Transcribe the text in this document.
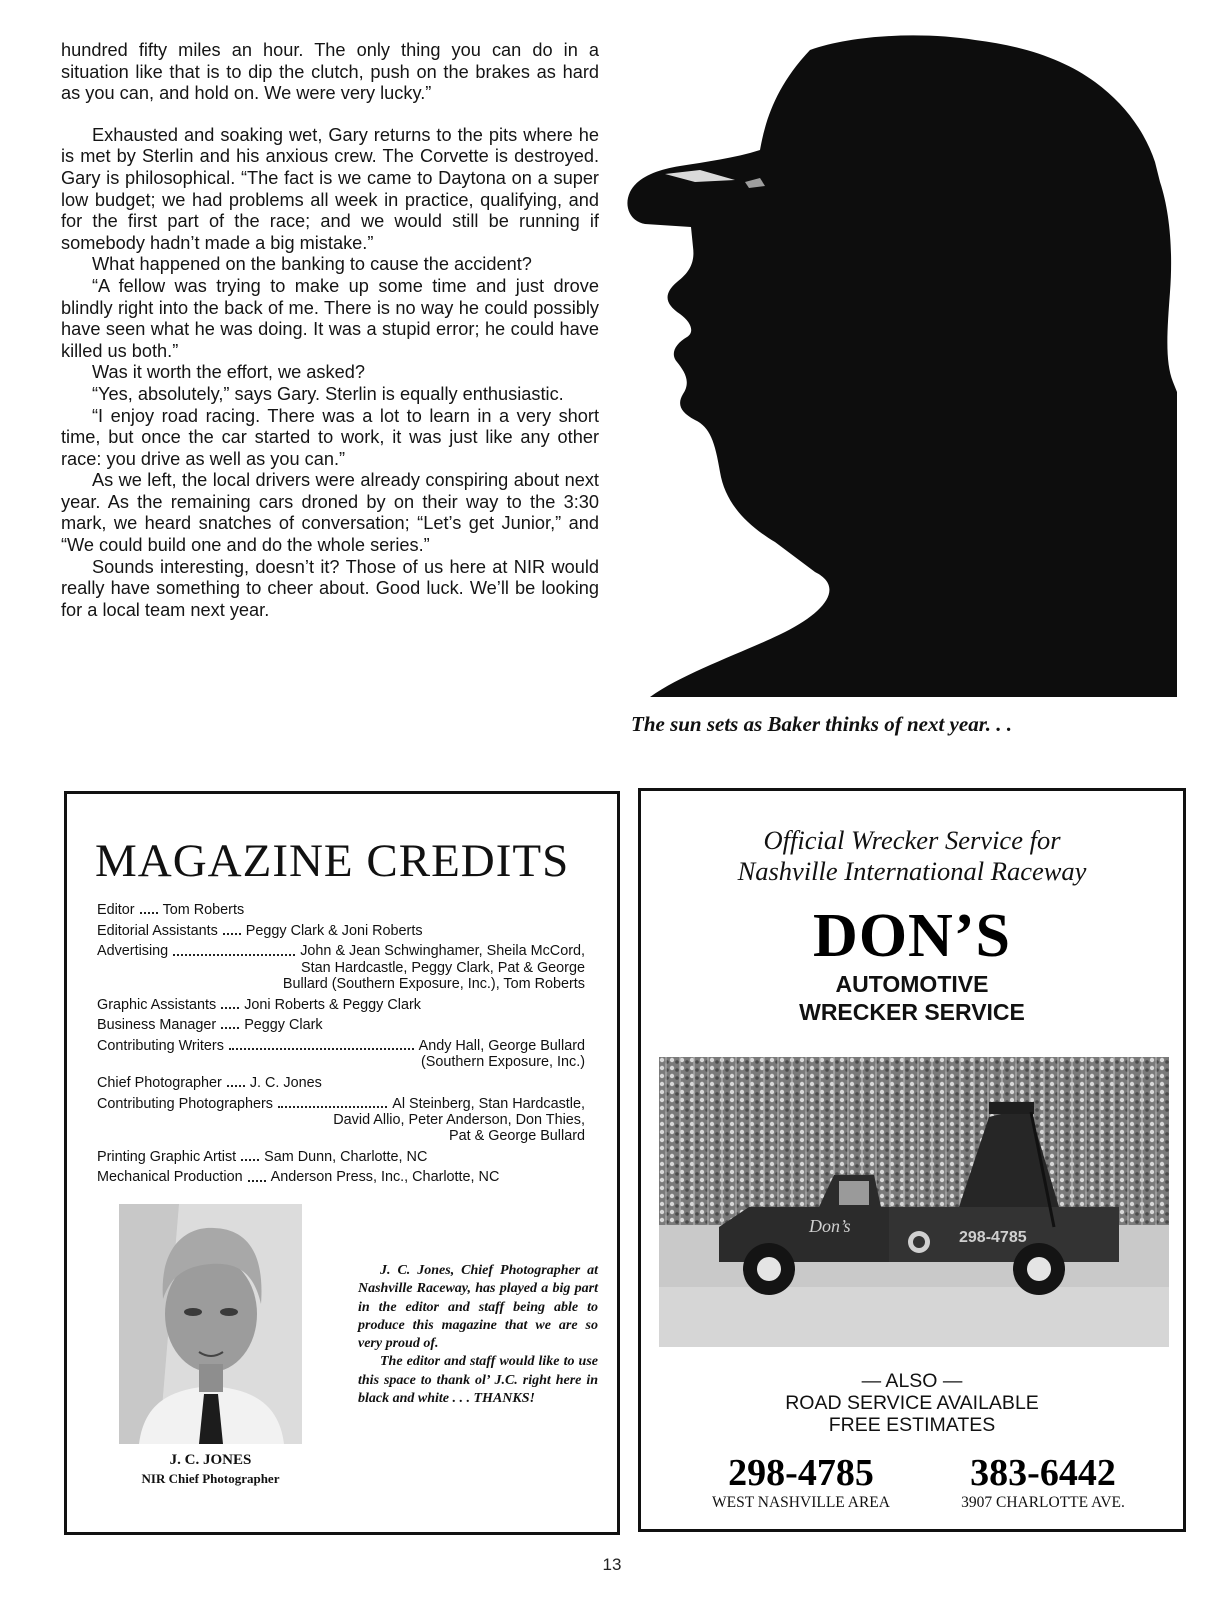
hundred fifty miles an hour. The only thing you can do in a situation like that is to dip the clutch, push on the brakes as hard as you can, and hold on. We were very lucky.”

Exhausted and soaking wet, Gary returns to the pits where he is met by Sterlin and his anxious crew. The Corvette is destroyed. Gary is philosophical. “The fact is we came to Daytona on a super low budget; we had problems all week in practice, qualifying, and for the first part of the race; and we would still be running if somebody hadn’t made a big mistake.”

What happened on the banking to cause the accident?

“A fellow was trying to make up some time and just drove blindly right into the back of me. There is no way he could possibly have seen what he was doing. It was a stupid error; he could have killed us both.”

Was it worth the effort, we asked?

“Yes, absolutely,” says Gary. Sterlin is equally enthusiastic.

“I enjoy road racing. There was a lot to learn in a very short time, but once the car started to work, it was just like any other race: you drive as well as you can.”

As we left, the local drivers were already conspiring about next year. As the remaining cars droned by on their way to the 3:30 mark, we heard snatches of conversation; “Let’s get Junior,” and “We could build one and do the whole series.”

Sounds interesting, doesn’t it? Those of us here at NIR would really have something to cheer about. Good luck. We’ll be looking for a local team next year.

The sun sets as Baker thinks of next year. . .
MAGAZINE CREDITS
Editor Tom Roberts
Editorial Assistants Peggy Clark & Joni Roberts
Advertising	John & Jean Schwinghamer, Sheila McCord,
Stan Hardcastle, Peggy Clark, Pat & George
Bullard (Southern Exposure, Inc.), Tom Roberts
Graphic Assistants Joni Roberts & Peggy Clark
Business Manager Peggy Clark
Contributing Writers	Andy Hall, George Bullard
(Southern Exposure, Inc.)
Chief Photographer J. C. Jones
Contributing Photographers	Al Steinberg, Stan Hardcastle,
David Allio, Peter Anderson, Don Thies,
Pat & George Bullard
Printing Graphic Artist Sam Dunn, Charlotte, NC
Mechanical Production Anderson Press, Inc., Charlotte, NC
J. C. JONES
NIR Chief Photographer

J. C. Jones, Chief Photographer at Nashville Raceway, has played a big part in the editor and staff being able to produce this magazine that we are so very proud of.

The editor and staff would like to use this space to thank ol’ J.C. right here in black and white . . . THANKS!

Official Wrecker Service for
Nashville International Raceway
DON’S
AUTOMOTIVE
WRECKER SERVICE
Don’s
298-4785
— ALSO —
ROAD SERVICE AVAILABLE
FREE ESTIMATES
298-4785
WEST NASHVILLE AREA
383-6442
3907 CHARLOTTE AVE.
13
